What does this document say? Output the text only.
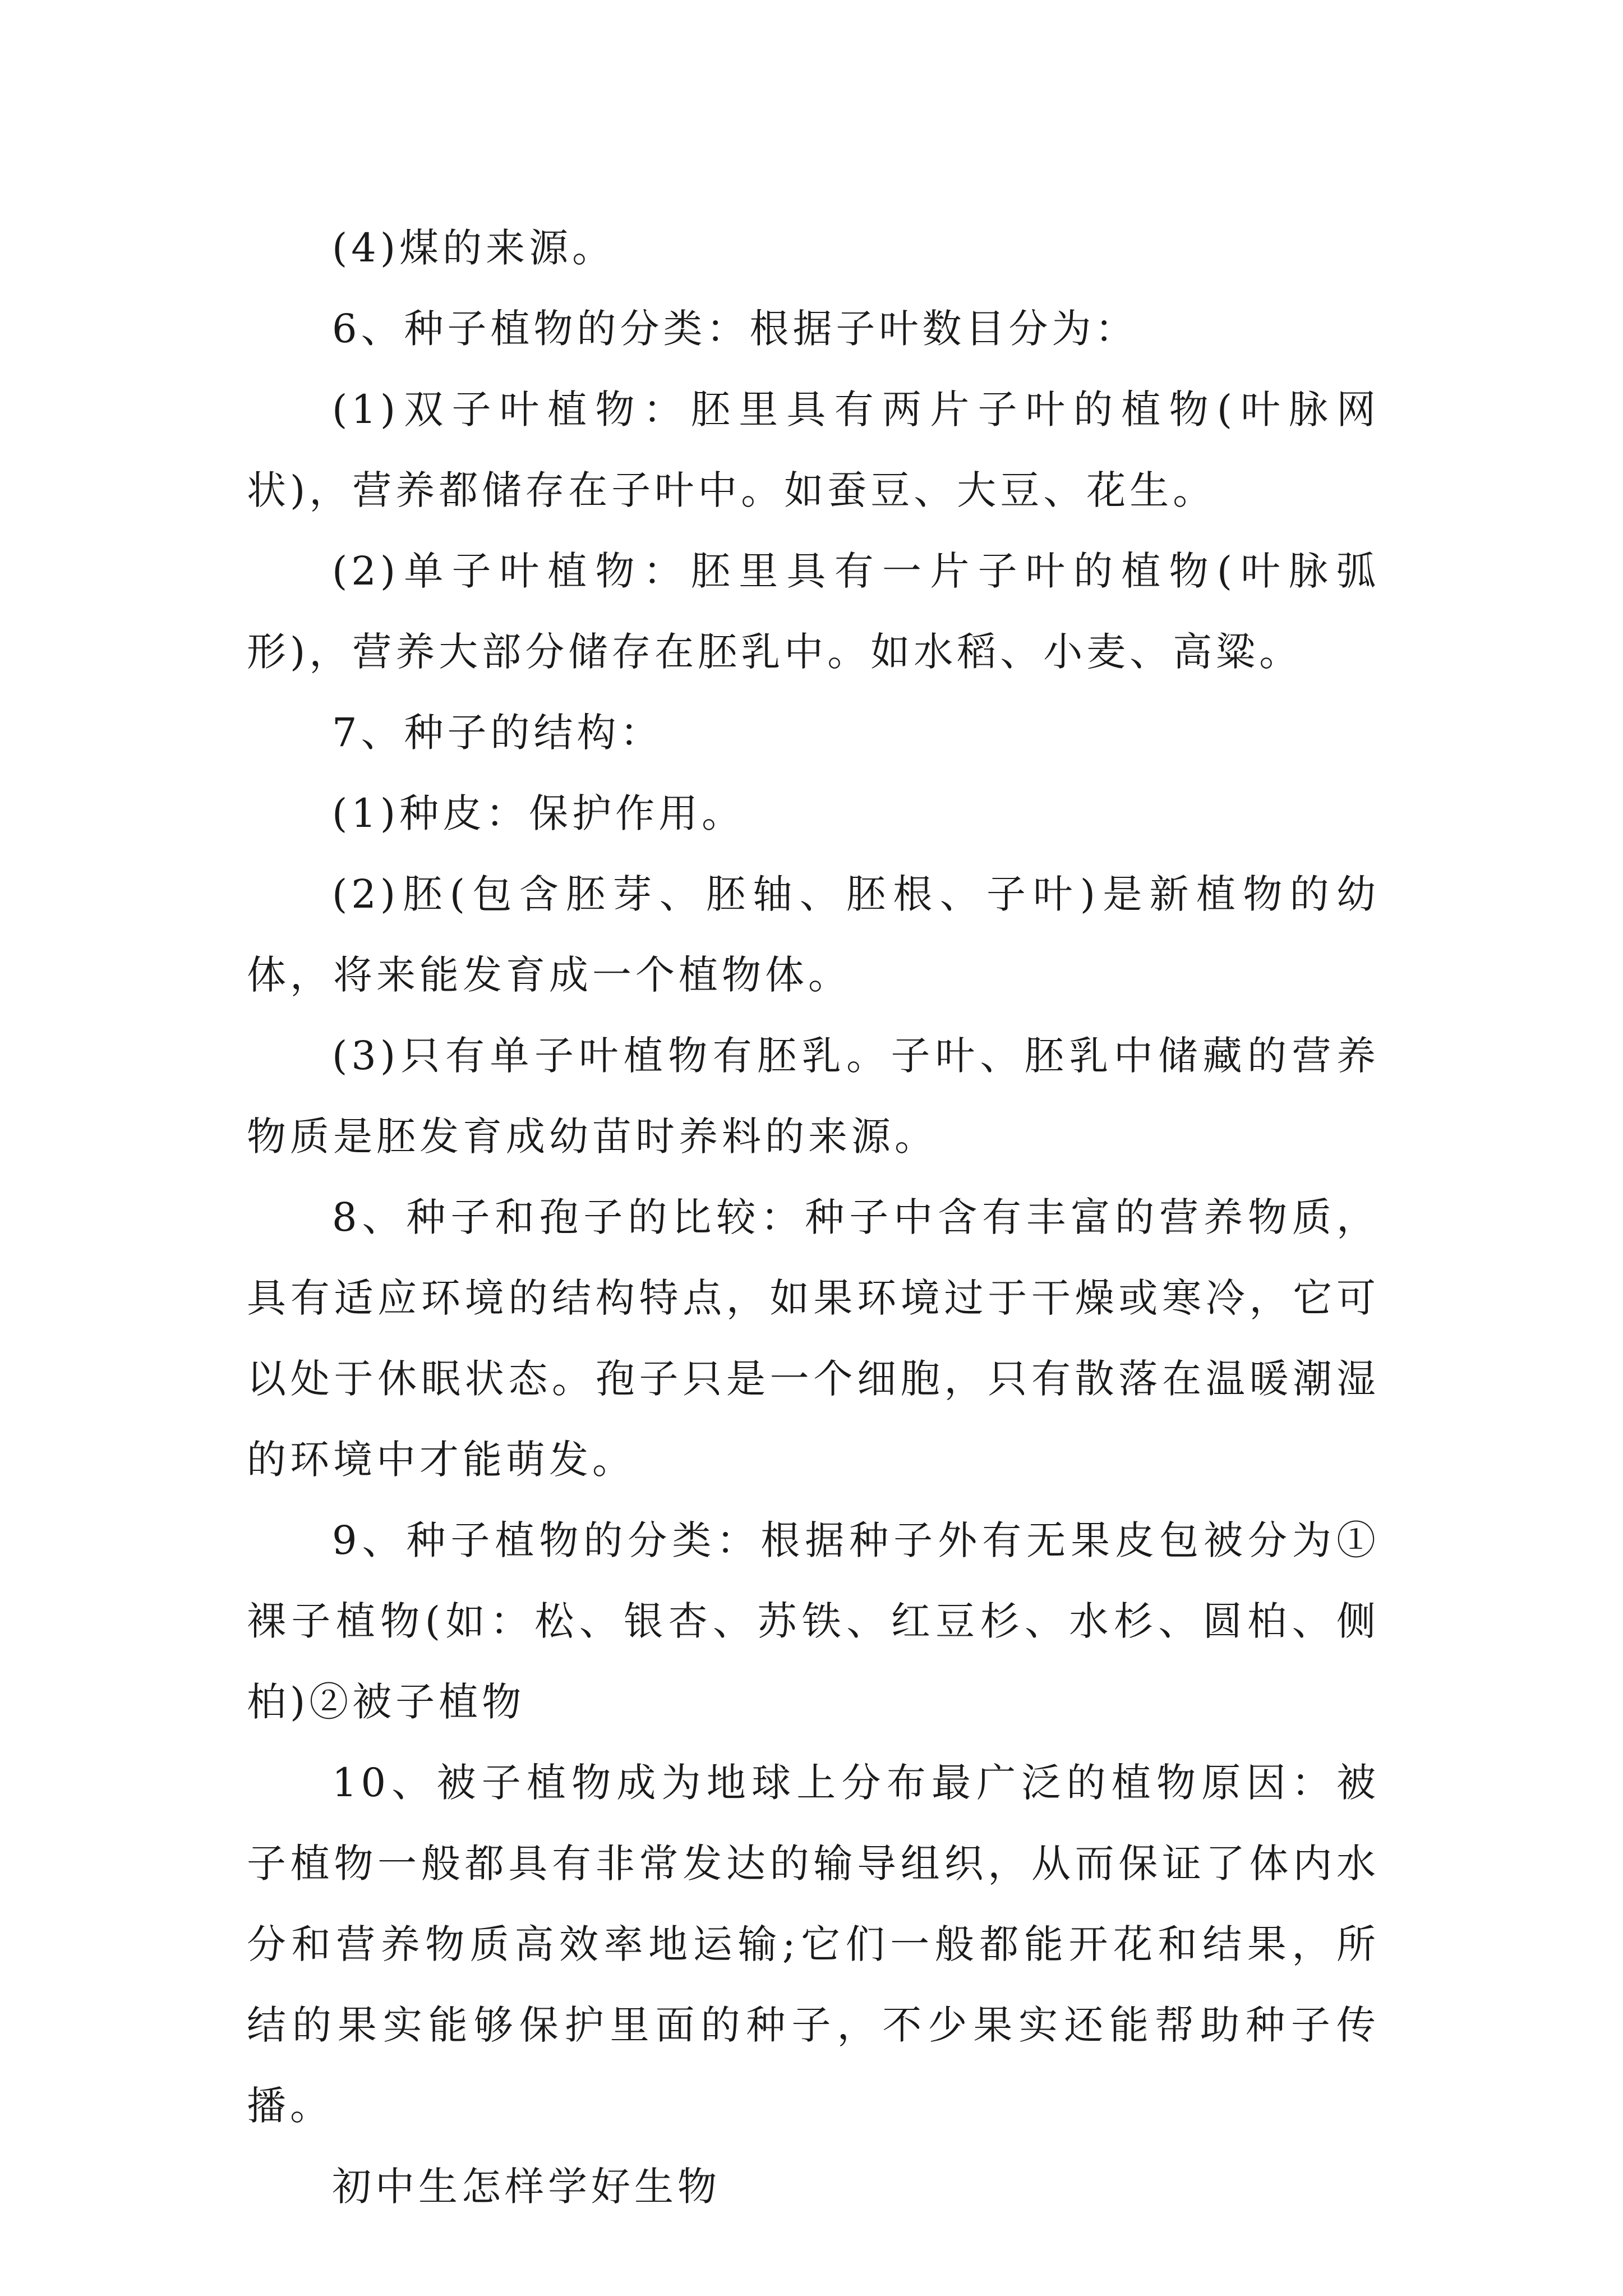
(4)煤的来源。

6、种子植物的分类：根据子叶数目分为：

(1)双子叶植物：胚里具有两片子叶的植物(叶脉网状)，营养都储存在子叶中。如蚕豆、大豆、花生。

(2)单子叶植物：胚里具有一片子叶的植物(叶脉弧形)，营养大部分储存在胚乳中。如水稻、小麦、高粱。

7、种子的结构：

(1)种皮：保护作用。

(2)胚(包含胚芽、胚轴、胚根、子叶)是新植物的幼体，将来能发育成一个植物体。

(3)只有单子叶植物有胚乳。子叶、胚乳中储藏的营养物质是胚发育成幼苗时养料的来源。

8、种子和孢子的比较：种子中含有丰富的营养物质，具有适应环境的结构特点，如果环境过于干燥或寒冷，它可以处于休眠状态。孢子只是一个细胞，只有散落在温暖潮湿的环境中才能萌发。

9、种子植物的分类：根据种子外有无果皮包被分为①裸子植物(如：松、银杏、苏铁、红豆杉、水杉、圆柏、侧柏)②被子植物

10、被子植物成为地球上分布最广泛的植物原因：被子植物一般都具有非常发达的输导组织，从而保证了体内水分和营养物质高效率地运输;它们一般都能开花和结果，所结的果实能够保护里面的种子，不少果实还能帮助种子传播。

初中生怎样学好生物
